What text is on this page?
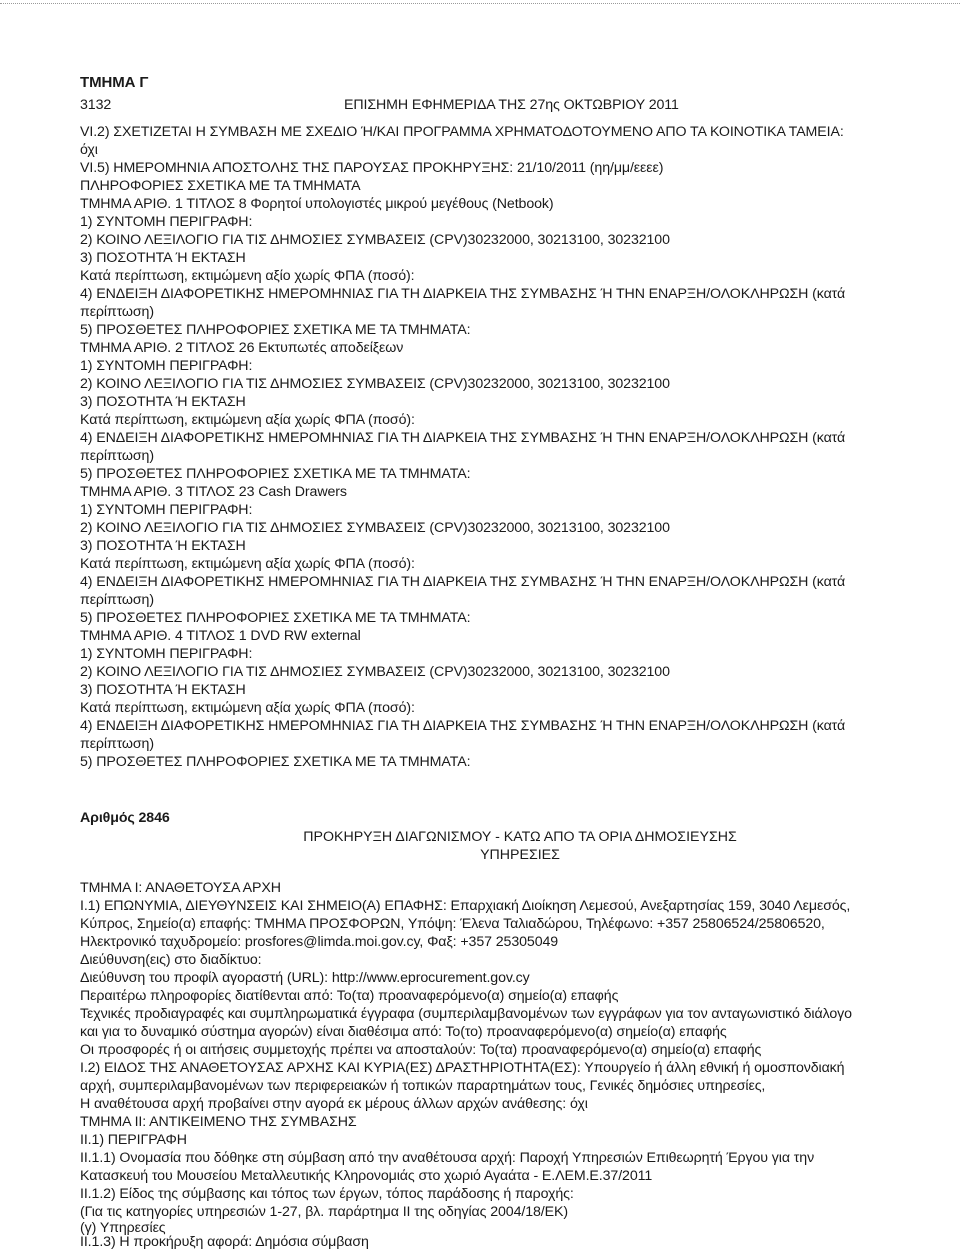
ΤΜΗΜΑ Γ
3132	ΕΠΙΣΗΜΗ ΕΦΗΜΕΡΙΔΑ ΤΗΣ 27ης ΟΚΤΩΒΡΙΟΥ 2011
VI.2) ΣΧΕΤΙΖΕΤΑΙ Η ΣΥΜΒΑΣΗ ΜΕ ΣΧΕΔΙΟ Ή/ΚΑΙ ΠΡΟΓΡΑΜΜΑ ΧΡΗΜΑΤΟΔΟΤΟΥΜΕΝΟ ΑΠΟ ΤΑ ΚΟΙΝΟΤΙΚΑ ΤΑΜΕΙΑ:
όχι
VI.5) ΗΜΕΡΟΜΗΝΙΑ ΑΠΟΣΤΟΛΗΣ ΤΗΣ ΠΑΡΟΥΣΑΣ ΠΡΟΚΗΡΥΞΗΣ: 21/10/2011 (ηη/μμ/εεεε)
ΠΛΗΡΟΦΟΡΙΕΣ ΣΧΕΤΙΚΑ ΜΕ ΤΑ ΤΜΗΜΑΤΑ
ΤΜΗΜΑ ΑΡΙΘ. 1 ΤΙΤΛΟΣ 8 Φορητοί υπολογιστές μικρού μεγέθους (Netbook)
1) ΣΥΝΤΟΜΗ ΠΕΡΙΓΡΑΦΗ:
2) ΚΟΙΝΟ ΛΕΞΙΛΟΓΙΟ ΓΙΑ ΤΙΣ ΔΗΜΟΣΙΕΣ ΣΥΜΒΑΣΕΙΣ (CPV)30232000, 30213100, 30232100
3) ΠΟΣΟΤΗΤΑ Ή ΕΚΤΑΣΗ
Κατά περίπτωση, εκτιμώμενη αξίο χωρίς ΦΠΑ (ποσό):
4) ΕΝΔΕΙΞΗ ΔΙΑΦΟΡΕΤΙΚΗΣ ΗΜΕΡΟΜΗΝΙΑΣ ΓΙΑ ΤΗ ΔΙΑΡΚΕΙΑ ΤΗΣ ΣΥΜΒΑΣΗΣ Ή ΤΗΝ ΕΝΑΡΞΗ/ΟΛΟΚΛΗΡΩΣΗ (κατά
περίπτωση)
5) ΠΡΟΣΘΕΤΕΣ ΠΛΗΡΟΦΟΡΙΕΣ ΣΧΕΤΙΚΑ ΜΕ ΤΑ ΤΜΗΜΑΤΑ:
ΤΜΗΜΑ ΑΡΙΘ. 2 ΤΙΤΛΟΣ 26 Εκτυπωτές αποδείξεων
1) ΣΥΝΤΟΜΗ ΠΕΡΙΓΡΑΦΗ:
2) ΚΟΙΝΟ ΛΕΞΙΛΟΓΙΟ ΓΙΑ ΤΙΣ ΔΗΜΟΣΙΕΣ ΣΥΜΒΑΣΕΙΣ (CPV)30232000, 30213100, 30232100
3) ΠΟΣΟΤΗΤΑ Ή ΕΚΤΑΣΗ
Κατά περίπτωση, εκτιμώμενη αξία χωρίς ΦΠΑ (ποσό):
4) ΕΝΔΕΙΞΗ ΔΙΑΦΟΡΕΤΙΚΗΣ ΗΜΕΡΟΜΗΝΙΑΣ ΓΙΑ ΤΗ ΔΙΑΡΚΕΙΑ ΤΗΣ ΣΥΜΒΑΣΗΣ Ή ΤΗΝ ΕΝΑΡΞΗ/ΟΛΟΚΛΗΡΩΣΗ (κατά
περίπτωση)
5) ΠΡΟΣΘΕΤΕΣ ΠΛΗΡΟΦΟΡΙΕΣ ΣΧΕΤΙΚΑ ΜΕ ΤΑ ΤΜΗΜΑΤΑ:
ΤΜΗΜΑ ΑΡΙΘ. 3 ΤΙΤΛΟΣ 23 Cash Drawers
1) ΣΥΝΤΟΜΗ ΠΕΡΙΓΡΑΦΗ:
2) ΚΟΙΝΟ ΛΕΞΙΛΟΓΙΟ ΓΙΑ ΤΙΣ ΔΗΜΟΣΙΕΣ ΣΥΜΒΑΣΕΙΣ (CPV)30232000, 30213100, 30232100
3) ΠΟΣΟΤΗΤΑ Ή ΕΚΤΑΣΗ
Κατά περίπτωση, εκτιμώμενη αξία χωρίς ΦΠΑ (ποσό):
4) ΕΝΔΕΙΞΗ ΔΙΑΦΟΡΕΤΙΚΗΣ ΗΜΕΡΟΜΗΝΙΑΣ ΓΙΑ ΤΗ ΔΙΑΡΚΕΙΑ ΤΗΣ ΣΥΜΒΑΣΗΣ Ή ΤΗΝ ΕΝΑΡΞΗ/ΟΛΟΚΛΗΡΩΣΗ (κατά
περίπτωση)
5) ΠΡΟΣΘΕΤΕΣ ΠΛΗΡΟΦΟΡΙΕΣ ΣΧΕΤΙΚΑ ΜΕ ΤΑ ΤΜΗΜΑΤΑ:
ΤΜΗΜΑ ΑΡΙΘ. 4 ΤΙΤΛΟΣ 1 DVD RW external
1) ΣΥΝΤΟΜΗ ΠΕΡΙΓΡΑΦΗ:
2) ΚΟΙΝΟ ΛΕΞΙΛΟΓΙΟ ΓΙΑ ΤΙΣ ΔΗΜΟΣΙΕΣ ΣΥΜΒΑΣΕΙΣ (CPV)30232000, 30213100, 30232100
3) ΠΟΣΟΤΗΤΑ Ή ΕΚΤΑΣΗ
Κατά περίπτωση, εκτιμώμενη αξία χωρίς ΦΠΑ (ποσό):
4) ΕΝΔΕΙΞΗ ΔΙΑΦΟΡΕΤΙΚΗΣ ΗΜΕΡΟΜΗΝΙΑΣ ΓΙΑ ΤΗ ΔΙΑΡΚΕΙΑ ΤΗΣ ΣΥΜΒΑΣΗΣ Ή ΤΗΝ ΕΝΑΡΞΗ/ΟΛΟΚΛΗΡΩΣΗ (κατά
περίπτωση)
5) ΠΡΟΣΘΕΤΕΣ ΠΛΗΡΟΦΟΡΙΕΣ ΣΧΕΤΙΚΑ ΜΕ ΤΑ ΤΜΗΜΑΤΑ:
Αριθμός 2846
ΠΡΟΚΗΡΥΞΗ ΔΙΑΓΩΝΙΣΜΟΥ - ΚΑΤΩ ΑΠΟ ΤΑ ΟΡΙΑ ΔΗΜΟΣΙΕΥΣΗΣ
ΥΠΗΡΕΣΙΕΣ
ΤΜΗΜΑ Ι: ΑΝΑΘΕΤΟΥΣΑ ΑΡΧΗ
Ι.1) ΕΠΩΝΥΜΙΑ, ΔΙΕΥΘΥΝΣΕΙΣ ΚΑΙ ΣΗΜΕΙΟ(Α) ΕΠΑΦΗΣ: Επαρχιακή Διοίκηση Λεμεσού, Ανεξαρτησίας 159, 3040 Λεμεσός,
Κύπρος, Σημείο(α) επαφής: ΤΜΗΜΑ ΠΡΟΣΦΟΡΩΝ, Υπόψη: Έλενα Ταλιαδώρου, Τηλέφωνο: +357 25806524/25806520,
Ηλεκτρονικό ταχυδρομείο: prosfores@limda.moi.gov.cy, Φαξ: +357 25305049
Διεύθυνση(εις) στο διαδίκτυο:
Διεύθυνση του προφίλ αγοραστή (URL): http://www.eprocurement.gov.cy
Περαιτέρω πληροφορίες διατίθενται από: Το(τα) προαναφερόμενο(α) σημείο(α) επαφής
Τεχνικές προδιαγραφές και συμπληρωματικά έγγραφα (συμπεριλαμβανομένων των εγγράφων για τον ανταγωνιστικό διάλογο
και για το δυναμικό σύστημα αγορών) είναι διαθέσιμα από: Το(το) προαναφερόμενο(α) σημείο(α) επαφής
Οι προσφορές ή οι αιτήσεις συμμετοχής πρέπει να αποσταλούν: Το(τα) προαναφερόμενο(α) σημείο(α) επαφής
Ι.2) ΕΙΔΟΣ ΤΗΣ ΑΝΑΘΕΤΟΥΣΑΣ ΑΡΧΗΣ ΚΑΙ ΚΥΡΙΑ(ΕΣ) ΔΡΑΣΤΗΡΙΟΤΗΤΑ(ΕΣ): Υπουργείο ή άλλη εθνική ή ομοσπονδιακή
αρχή, συμπεριλαμβανομένων των περιφερειακών ή τοπικών παραρτημάτων τους, Γενικές δημόσιες υπηρεσίες,
Η αναθέτουσα αρχή προβαίνει στην αγορά εκ μέρους άλλων αρχών ανάθεσης: όχι
ΤΜΗΜΑ ΙΙ: ΑΝΤΙΚΕΙΜΕΝΟ ΤΗΣ ΣΥΜΒΑΣΗΣ
ΙΙ.1) ΠΕΡΙΓΡΑΦΗ
ΙΙ.1.1) Ονομασία που δόθηκε στη σύμβαση από την αναθέτουσα αρχή: Παροχή Υπηρεσιών Επιθεωρητή Έργου για την
Κατασκευή του Μουσείου Μεταλλευτικής Κληρονομιάς στο χωριό Αγαάτα - Ε.ΛΕΜ.Ε.37/2011
ΙΙ.1.2) Είδος της σύμβασης και τόπος των έργων, τόπος παράδοσης ή παροχής:
(Για τις κατηγορίες υπηρεσιών 1-27, βλ. παράρτημα ΙΙ της οδηγίας 2004/18/ΕΚ)
(γ) Υπηρεσίες
ΙΙ.1.3) Η προκήρυξη αφορά: Δημόσια σύμβαση
